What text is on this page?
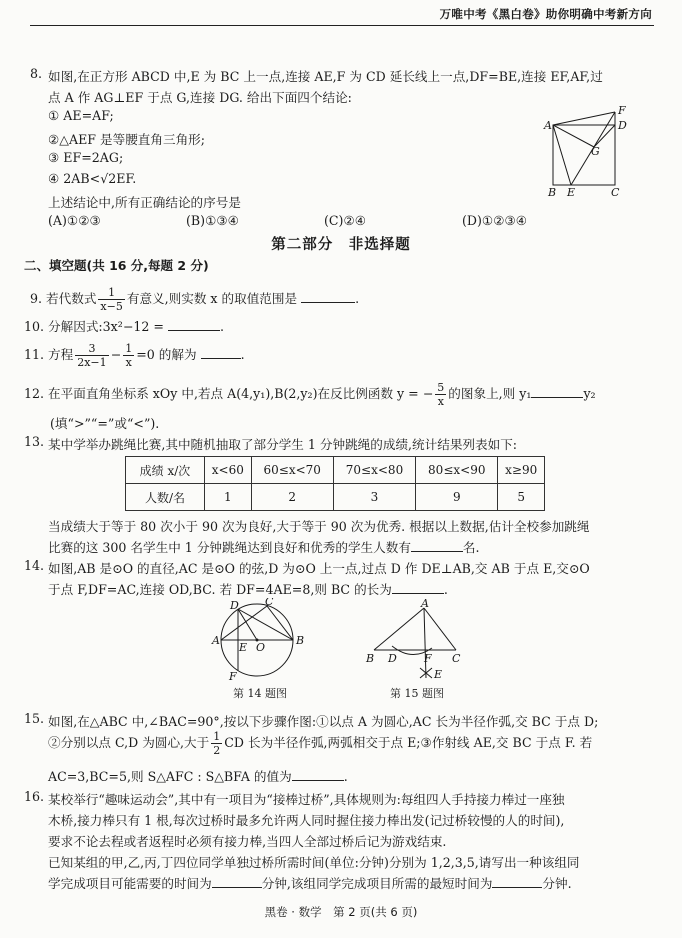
万唯中考《黑白卷》助你明确中考新方向
8. 如图,在正方形 ABCD 中,E 为 BC 上一点,连接 AE,F 为 CD 延长线上一点,DF=BE,连接 EF,AF,过
点 A 作 AG⊥EF 于点 G,连接 DG. 给出下面四个结论:
① AE=AF;
②△AEF 是等腰直角三角形;
③ EF=2AG;
④ 2AB<√2EF.
上述结论中,所有正确结论的序号是
(A)①②③	(B)①③④	(C)②④	(D)①②③④
A
F
D
G
B E	C
第二部分　非选择题
二、填空题(共 16 分,每题 2 分)
9. 若代数式 $\frac{1}{x-5}$ 有意义,则实数 x 的取值范围是	.
10. 分解因式:3x²−12 =	.
11. 方程 $\frac{3}{2x-1} - \frac{1}{x} =0$ 的解为	.
12. 在平面直角坐标系 xOy 中,若点 A(4,y₁),B(2,y₂)在反比例函数 y = − $\frac{5}{x}$ 的图象上,则 y₁	y₂
(填“>”“=”或“<”).
13. 某中学举办跳绳比赛,其中随机抽取了部分学生 1 分钟跳绳的成绩,统计结果列表如下:
成绩 x/次	x<60	60≤x<70	70≤x<80	80≤x<90	x≥90
人数/名	1	2	3	9	5
当成绩大于等于 80 次小于 90 次为良好,大于等于 90 次为优秀. 根据以上数据,估计全校参加跳绳
比赛的这 300 名学生中 1 分钟跳绳达到良好和优秀的学生人数有	名.
14. 如图,AB 是⊙O 的直径,AC 是⊙O 的弦,D 为⊙O 上一点,过点 D 作 DE⊥AB,交 AB 于点 E,交⊙O
于点 F,DF=AC,连接 OD,BC. 若 DF=4AE=8,则 BC 的长为	.
A	B
C
D
E O
F
第 14 题图
A
B	C
D F
E
第 15 题图
15. 如图,在△ABC 中,∠BAC=90°,按以下步骤作图:①以点 A 为圆心,AC 长为半径作弧,交 BC 于点 D;
②分别以点 C,D 为圆心,大于 $\frac{1}{2}$ CD 长为半径作弧,两弧相交于点 E;③作射线 AE,交 BC 于点 F. 若
AC=3,BC=5,则 S△AFC : S△BFA 的值为	.
16. 某校举行“趣味运动会”,其中有一项目为“接棒过桥”,具体规则为:每组四人手持接力棒过一座独
木桥,接力棒只有 1 根,每次过桥时最多允许两人同时握住接力棒出发(记过桥较慢的人的时间),
要求不论去程或者返程时必须有接力棒,当四人全部过桥后记为游戏结束.
已知某组的甲,乙,丙,丁四位同学单独过桥所需时间(单位:分钟)分别为 1,2,3,5,请写出一种该组同
学完成项目可能需要的时间为	分钟,该组同学完成项目所需的最短时间为	分钟.
黑卷 · 数学　第 2 页(共 6 页)
